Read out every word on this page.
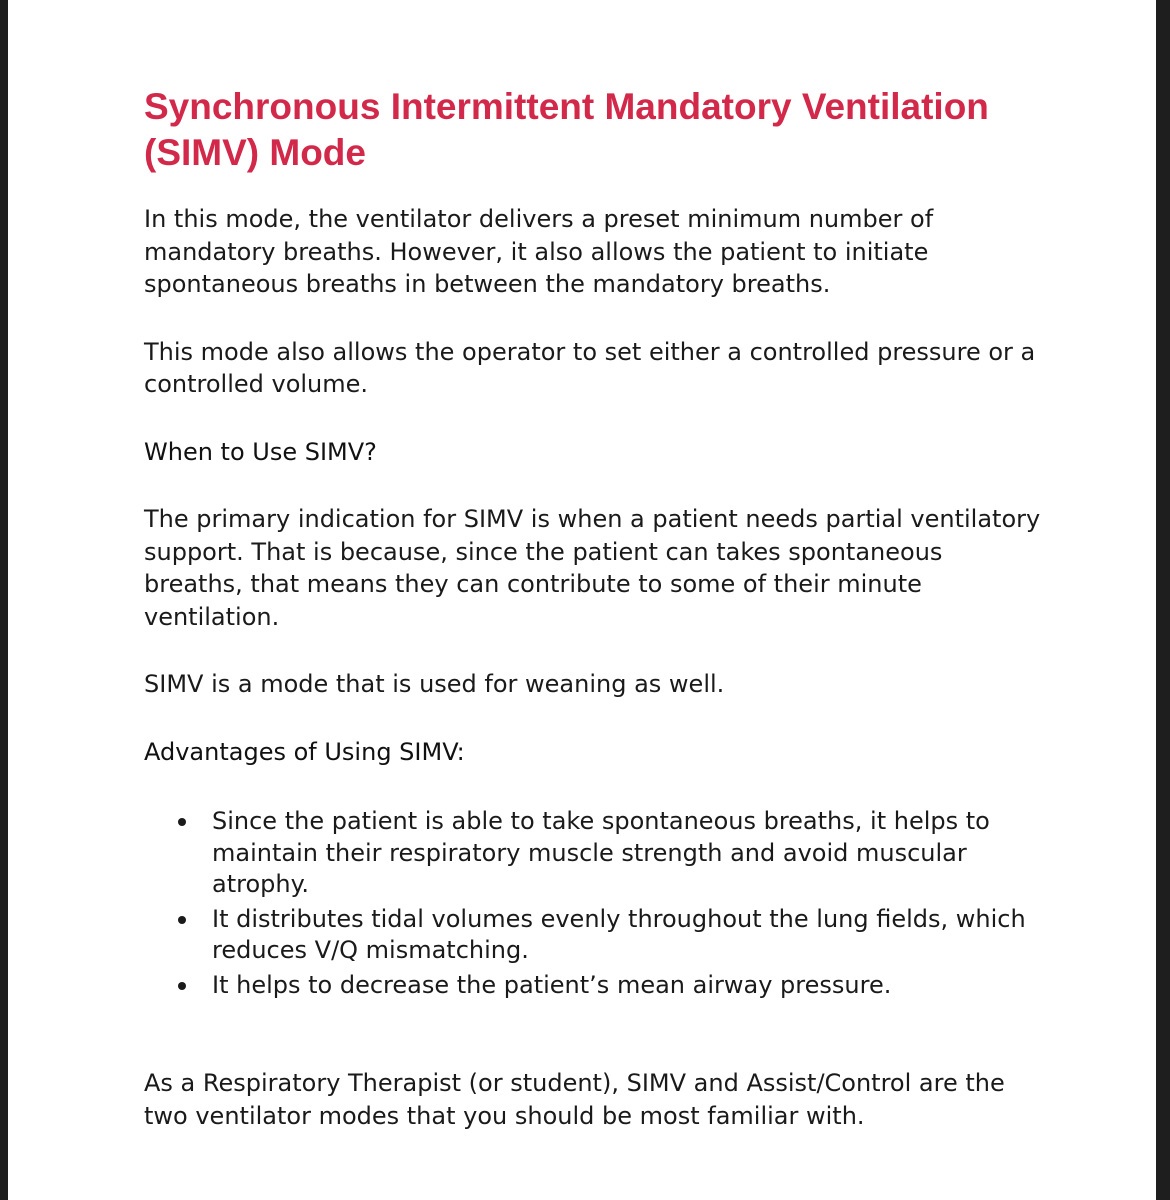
Synchronous Intermittent Mandatory Ventilation (SIMV) Mode

In this mode, the ventilator delivers a preset minimum number of mandatory breaths. However, it also allows the patient to initiate spontaneous breaths in between the mandatory breaths.

This mode also allows the operator to set either a controlled pressure or a controlled volume.

When to Use SIMV?

The primary indication for SIMV is when a patient needs partial ventilatory support. That is because, since the patient can takes spontaneous breaths, that means they can contribute to some of their minute ventilation.

SIMV is a mode that is used for weaning as well.

Advantages of Using SIMV:
Since the patient is able to take spontaneous breaths, it helps to maintain their respiratory muscle strength and avoid muscular atrophy.
It distributes tidal volumes evenly throughout the lung fields, which reduces V/Q mismatching.
It helps to decrease the patient’s mean airway pressure.

As a Respiratory Therapist (or student), SIMV and Assist/Control are the two ventilator modes that you should be most familiar with.
